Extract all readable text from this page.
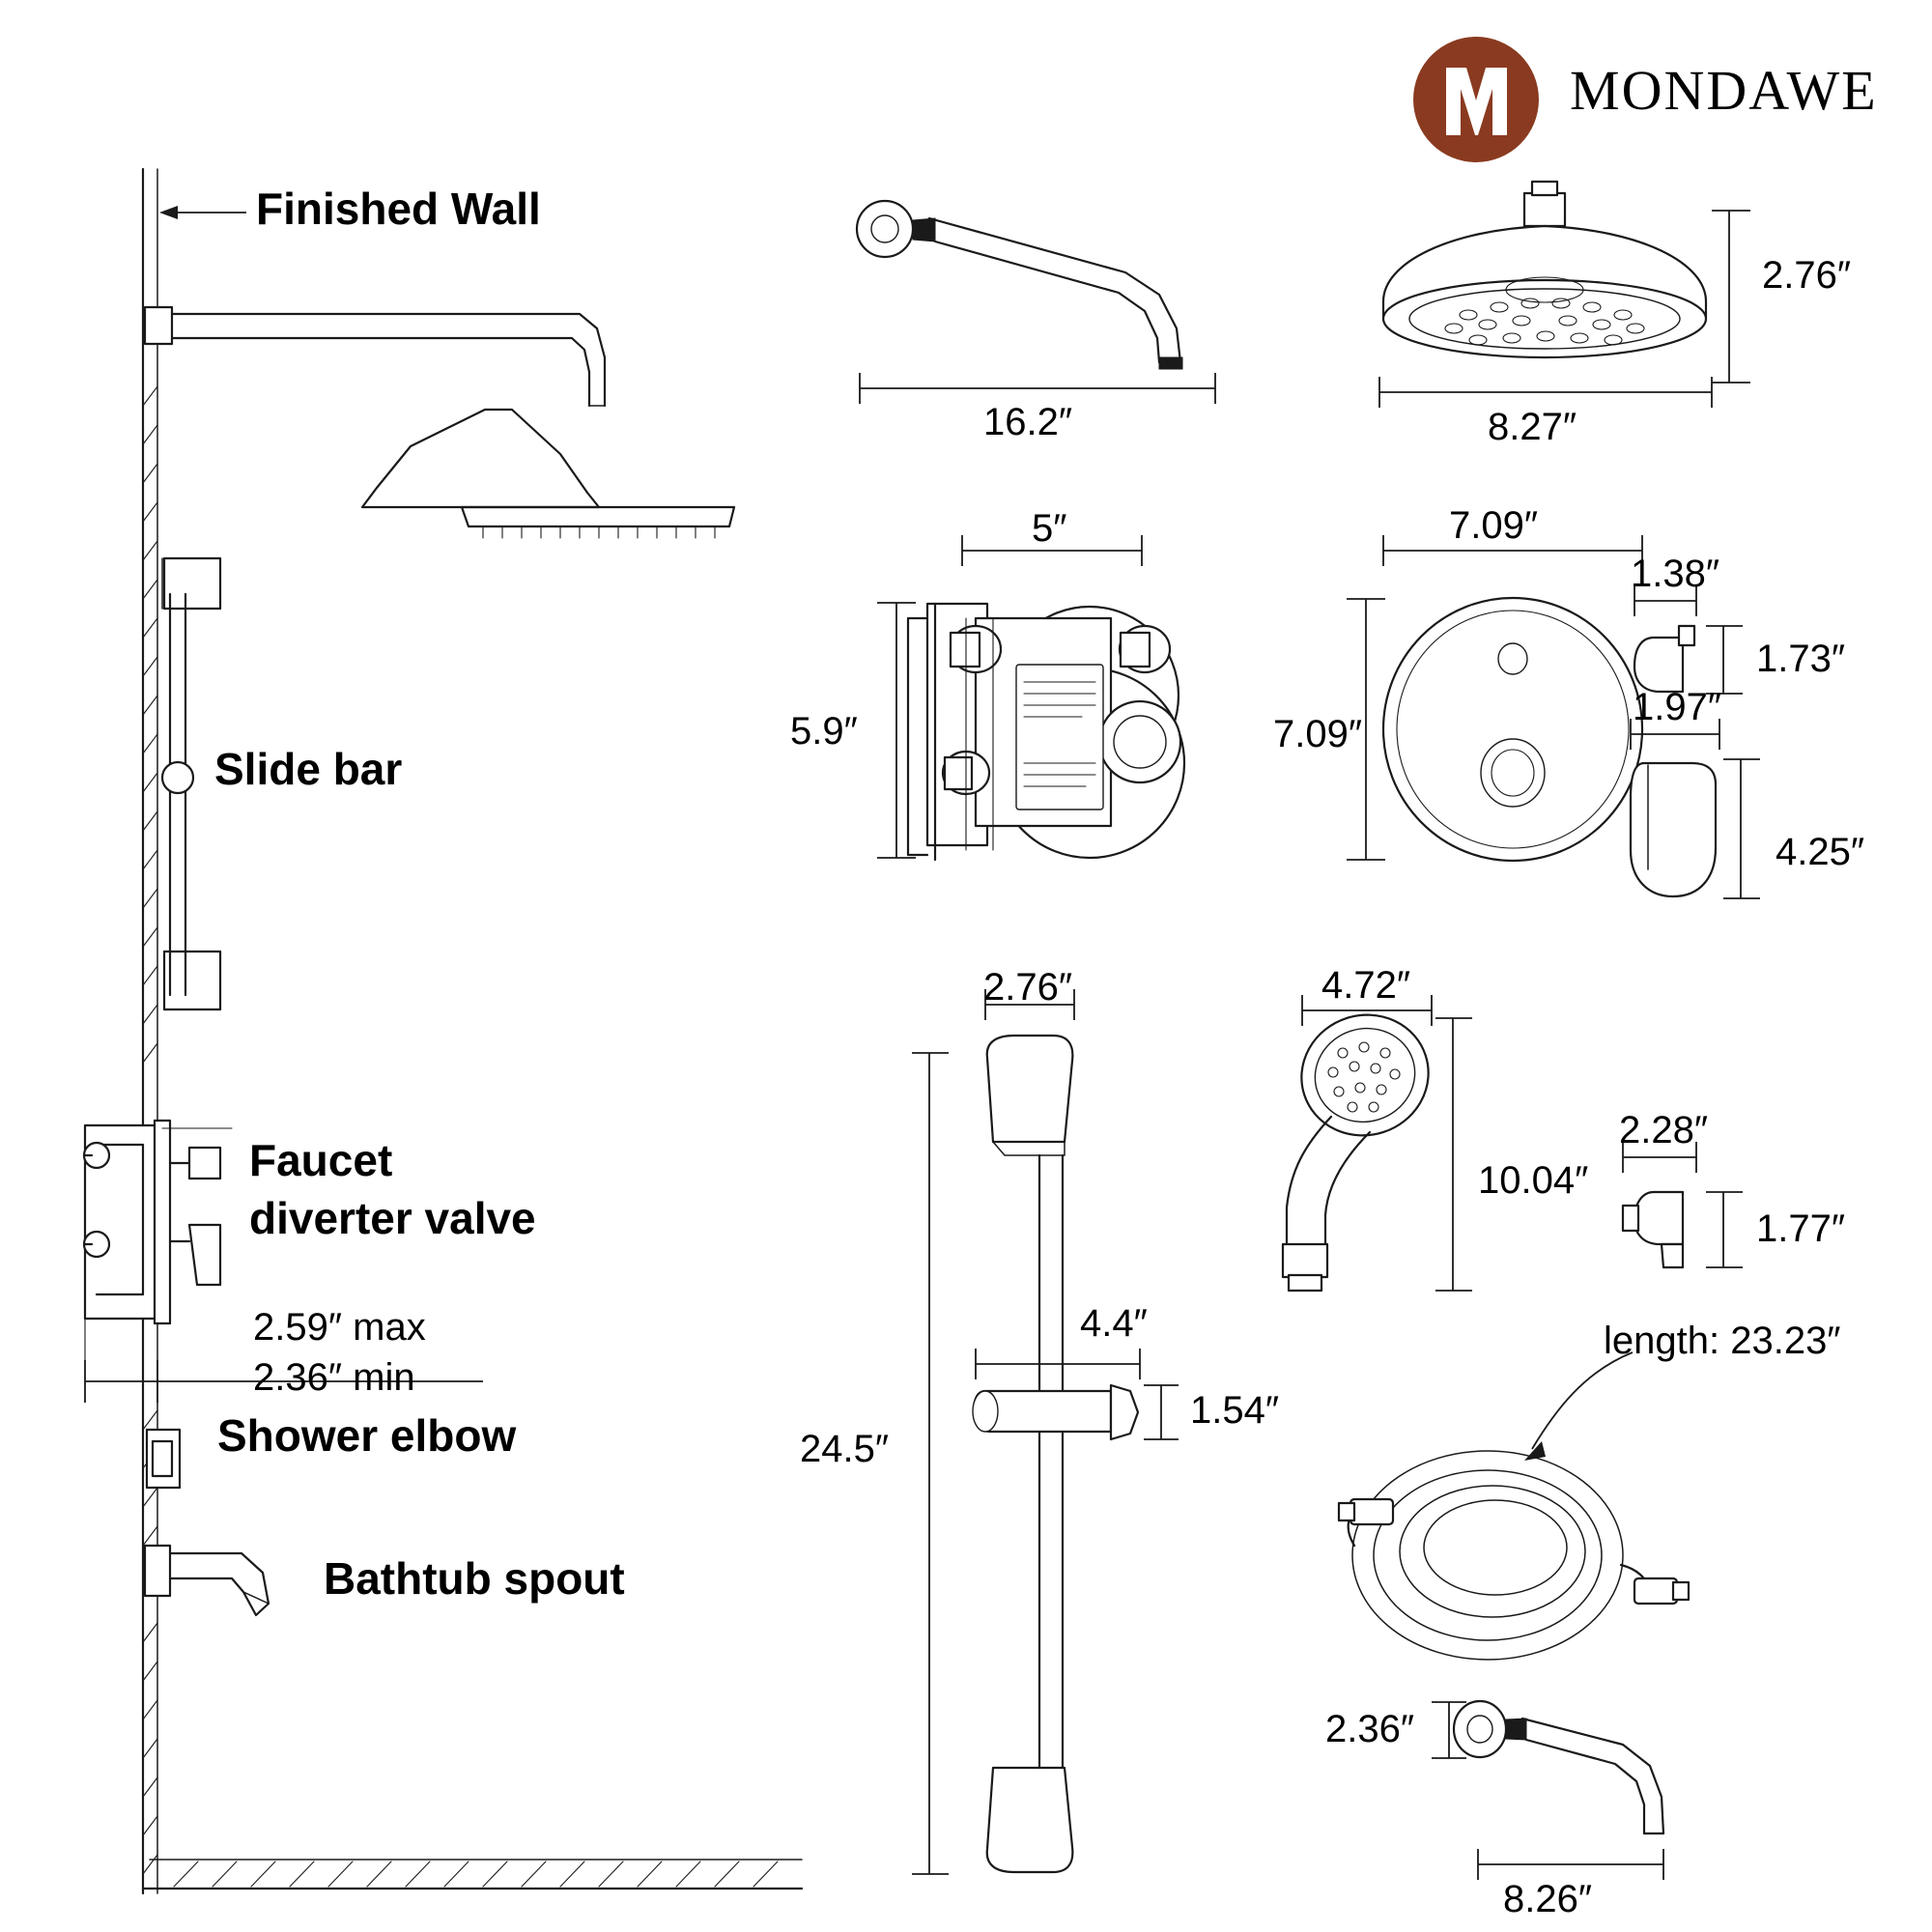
MONDAWE
Finished Wall
Slide bar
Faucet
diverter valve
2.59″ max
2.36″ min
Shower elbow
Bathtub spout
16.2″
2.76″
8.27″
5″
5.9″
7.09″
7.09″
1.38″
1.73″
1.97″
4.25″
2.76″
24.5″
4.4″
1.54″
4.72″
10.04″
2.28″
1.77″
length: 23.23″
2.36″
8.26″
